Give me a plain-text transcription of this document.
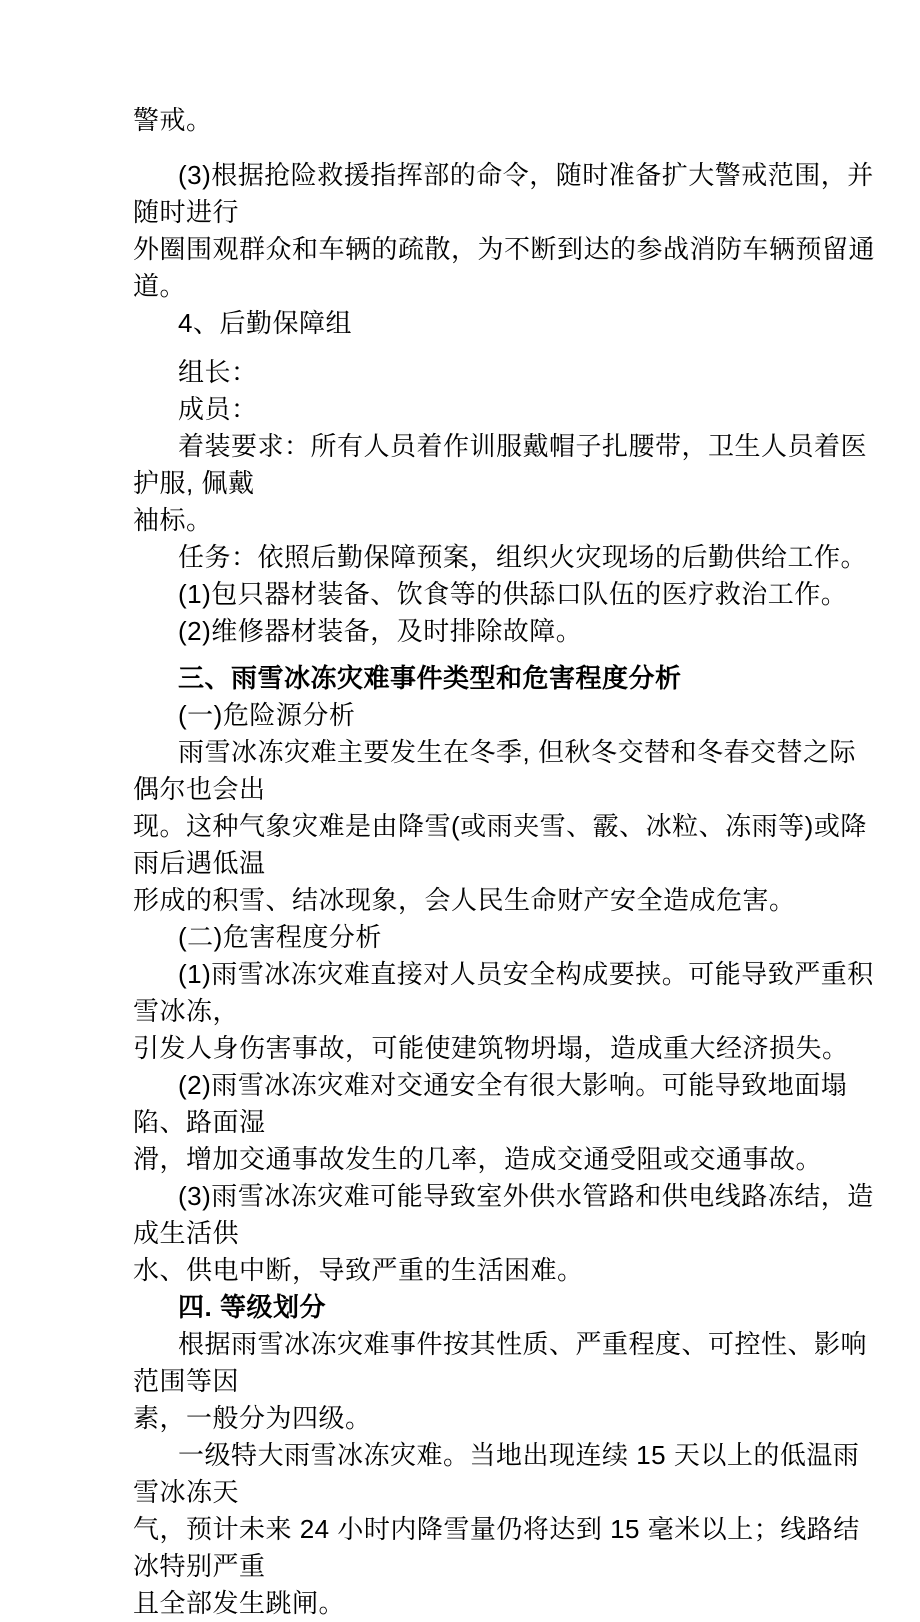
警戒。
(3)根据抢险救援指挥部的命令，随时准备扩大警戒范围，并随时进行
外圈围观群众和车辆的疏散，为不断到达的参战消防车辆预留通道。
4、后勤保障组
组长：
成员：
着装要求：所有人员着作训服戴帽子扎腰带，卫生人员着医护服, 佩戴
袖标。
任务：依照后勤保障预案，组织火灾现场的后勤供给工作。
(1)包只器材装备、饮食等的供舔口队伍的医疗救治工作。
(2)维修器材装备，及时排除故障。
三、雨雪冰冻灾难事件类型和危害程度分析
(一)危险源分析
雨雪冰冻灾难主要发生在冬季, 但秋冬交替和冬春交替之际偶尔也会出
现。这种气象灾难是由降雪(或雨夹雪、霰、冰粒、冻雨等)或降雨后遇低温
形成的积雪、结冰现象，会人民生命财产安全造成危害。
(二)危害程度分析
(1)雨雪冰冻灾难直接对人员安全构成要挟。可能导致严重积雪冰冻，
引发人身伤害事故，可能使建筑物坍塌，造成重大经济损失。
(2)雨雪冰冻灾难对交通安全有很大影响。可能导致地面塌陷、路面湿
滑，增加交通事故发生的几率，造成交通受阻或交通事故。
(3)雨雪冰冻灾难可能导致室外供水管路和供电线路冻结，造成生活供
水、供电中断，导致严重的生活困难。
四. 等级划分
根据雨雪冰冻灾难事件按其性质、严重程度、可控性、影响范围等因
素，一般分为四级。
一级特大雨雪冰冻灾难。当地出现连续 15 天以上的低温雨雪冰冻天
气，预计未来 24 小时内降雪量仍将达到 15 毫米以上；线路结冰特别严重
且全部发生跳闸。
